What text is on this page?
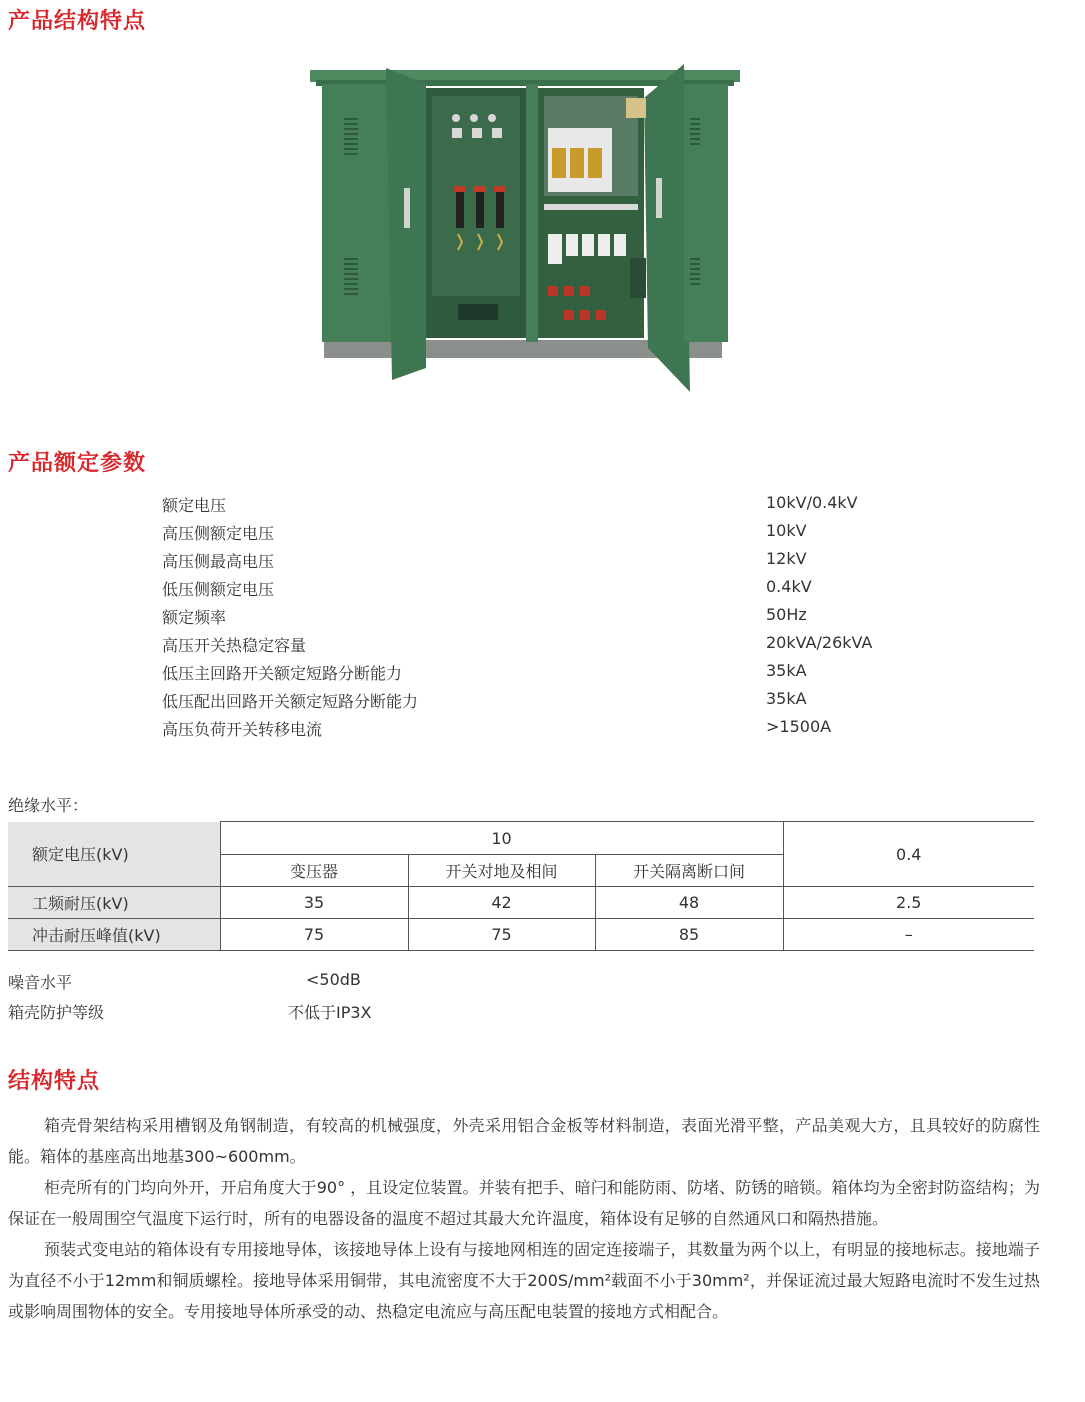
产品结构特点
产品额定参数
额定电压	10kV/0.4kV
高压侧额定电压	10kV
高压侧最高电压	12kV
低压侧额定电压	0.4kV
额定频率	50Hz
高压开关热稳定容量	20kVA/26kVA
低压主回路开关额定短路分断能力	35kA
低压配出回路开关额定短路分断能力	35kA
高压负荷开关转移电流	>1500A
绝缘水平：
额定电压(kV)	10			0.4
	变压器	开关对地及相间	开关隔离断口间	
工频耐压(kV)	35	42	48	2.5
冲击耐压峰值(kV)	75	75	85	–
噪音水平	<50dB
箱壳防护等级	不低于IP3X
结构特点

箱壳骨架结构采用槽钢及角钢制造，有较高的机械强度，外壳采用铝合金板等材料制造，表面光滑平整，产品美观大方，且具较好的防腐性能。箱体的基座高出地基300~600mm。

柜壳所有的门均向外开，开启角度大于90° ，且设定位装置。并装有把手、暗闩和能防雨、防堵、防锈的暗锁。箱体均为全密封防盗结构；为保证在一般周围空气温度下运行时，所有的电器设备的温度不超过其最大允许温度，箱体设有足够的自然通风口和隔热措施。

预装式变电站的箱体设有专用接地导体，该接地导体上设有与接地网相连的固定连接端子，其数量为两个以上，有明显的接地标志。接地端子为直径不小于12mm和铜质螺栓。接地导体采用铜带，其电流密度不大于200S/mm²载面不小于30mm²，并保证流过最大短路电流时不发生过热或影响周围物体的安全。专用接地导体所承受的动、热稳定电流应与高压配电装置的接地方式相配合。
